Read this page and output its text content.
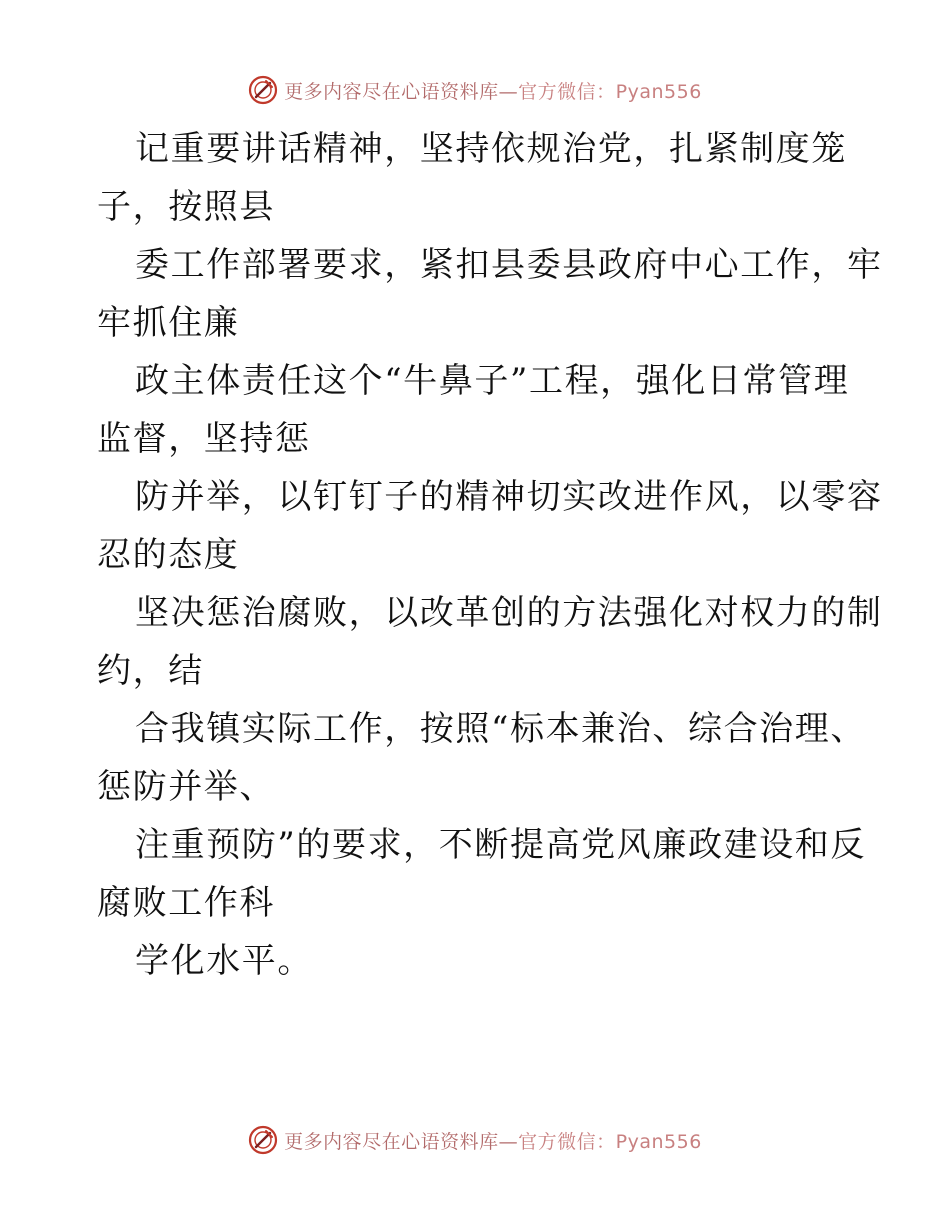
更多内容尽在心语资料库—官方微信：Pyan556
记重要讲话精神，坚持依规治党，扎紧制度笼
子，按照县
委工作部署要求，紧扣县委县政府中心工作，牢
牢抓住廉
政主体责任这个“牛鼻子”工程，强化日常管理
监督，坚持惩
防并举，以钉钉子的精神切实改进作风，以零容
忍的态度
坚决惩治腐败，以改革创的方法强化对权力的制
约，结
合我镇实际工作，按照“标本兼治、综合治理、
惩防并举、
注重预防”的要求，不断提高党风廉政建设和反
腐败工作科
学化水平。
更多内容尽在心语资料库—官方微信：Pyan556
